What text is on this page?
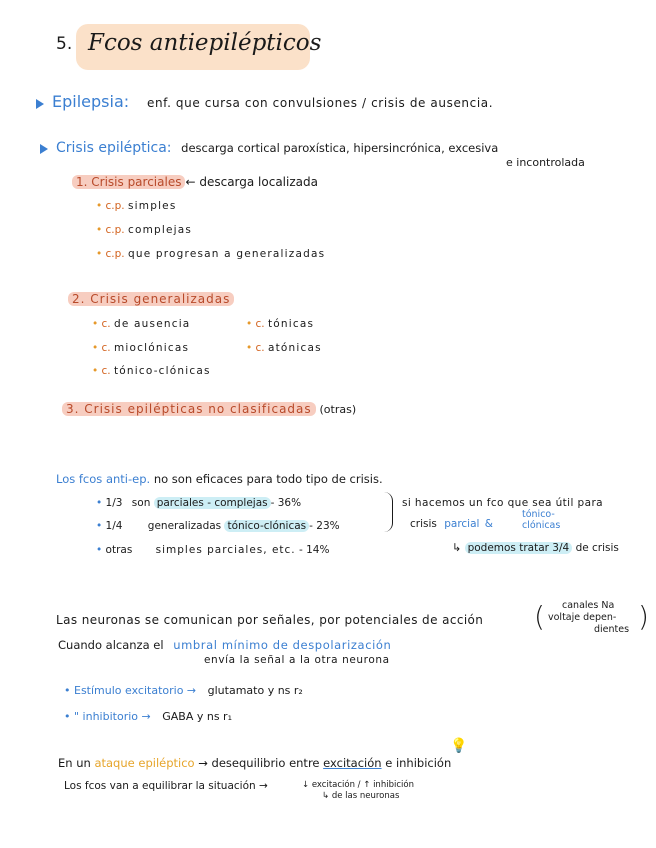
5. Fcos antiepilépticos
Epilepsia: enf. que cursa con convulsiones / crisis de ausencia.
Crisis epiléptica: descarga cortical paroxística, hipersincrónica, excesiva
e incontrolada
1. Crisis parciales ← descarga localizada
• c.p. simples
• c.p. complejas
• c.p. que progresan a generalizadas
2. Crisis generalizadas
• c. de ausencia
• c. mioclónicas
• c. tónico-clónicas
• c. tónicas
• c. atónicas
3. Crisis epilépticas no clasificadas (otras)
Los fcos anti-ep. no son eficaces para todo tipo de crisis.
• 1/3 son parciales - complejas - 36%
• 1/4 generalizadas tónico-clónicas - 23%
• otras simples parciales, etc. - 14%
si hacemos un fco que sea útil para
crisis parcial &
tónico-
clónicas
↳ podemos tratar 3/4 de crisis
Las neuronas se comunican por señales, por potenciales de acción (	)
canales Na
voltaje depen-
dientes
Cuando alcanza el umbral mínimo de despolarización
envía la señal a la otra neurona
• Estímulo excitatorio → glutamato y ns r₂
• " inhibitorio → GABA y ns r₁
En un ataque epiléptico → desequilibrio entre excitación e inhibición
💡
Los fcos van a equilibrar la situación →	↓ excitación / ↑ inhibición
↳ de las neuronas
